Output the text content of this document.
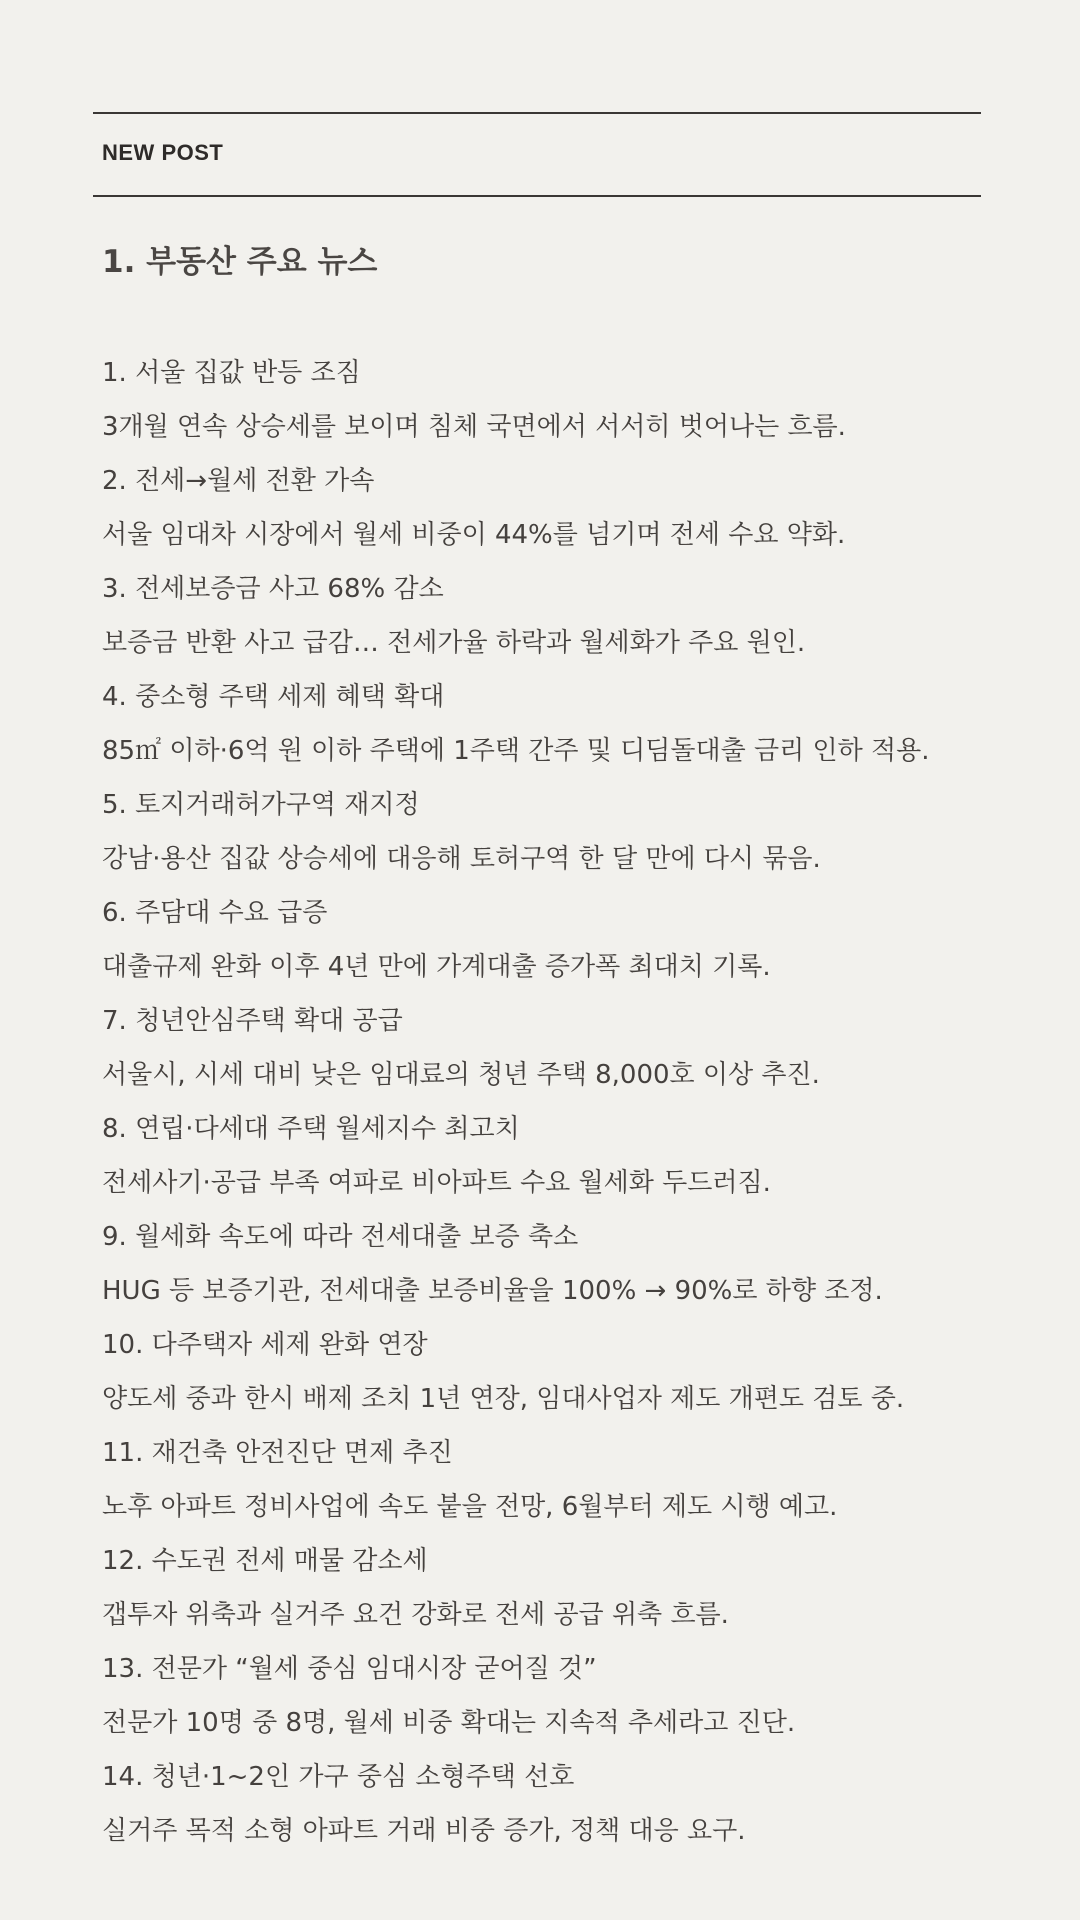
NEW POST
1. 부동산 주요 뉴스
1. 서울 집값 반등 조짐
3개월 연속 상승세를 보이며 침체 국면에서 서서히 벗어나는 흐름.
2. 전세→월세 전환 가속
서울 임대차 시장에서 월세 비중이 44%를 넘기며 전세 수요 약화.
3. 전세보증금 사고 68% 감소
보증금 반환 사고 급감… 전세가율 하락과 월세화가 주요 원인.
4. 중소형 주택 세제 혜택 확대
85㎡ 이하·6억 원 이하 주택에 1주택 간주 및 디딤돌대출 금리 인하 적용.
5. 토지거래허가구역 재지정
강남·용산 집값 상승세에 대응해 토허구역 한 달 만에 다시 묶음.
6. 주담대 수요 급증
대출규제 완화 이후 4년 만에 가계대출 증가폭 최대치 기록.
7. 청년안심주택 확대 공급
서울시, 시세 대비 낮은 임대료의 청년 주택 8,000호 이상 추진.
8. 연립·다세대 주택 월세지수 최고치
전세사기·공급 부족 여파로 비아파트 수요 월세화 두드러짐.
9. 월세화 속도에 따라 전세대출 보증 축소
HUG 등 보증기관, 전세대출 보증비율을 100% → 90%로 하향 조정.
10. 다주택자 세제 완화 연장
양도세 중과 한시 배제 조치 1년 연장, 임대사업자 제도 개편도 검토 중.
11. 재건축 안전진단 면제 추진
노후 아파트 정비사업에 속도 붙을 전망, 6월부터 제도 시행 예고.
12. 수도권 전세 매물 감소세
갭투자 위축과 실거주 요건 강화로 전세 공급 위축 흐름.
13. 전문가 “월세 중심 임대시장 굳어질 것”
전문가 10명 중 8명, 월세 비중 확대는 지속적 추세라고 진단.
14. 청년·1~2인 가구 중심 소형주택 선호
실거주 목적 소형 아파트 거래 비중 증가, 정책 대응 요구.
